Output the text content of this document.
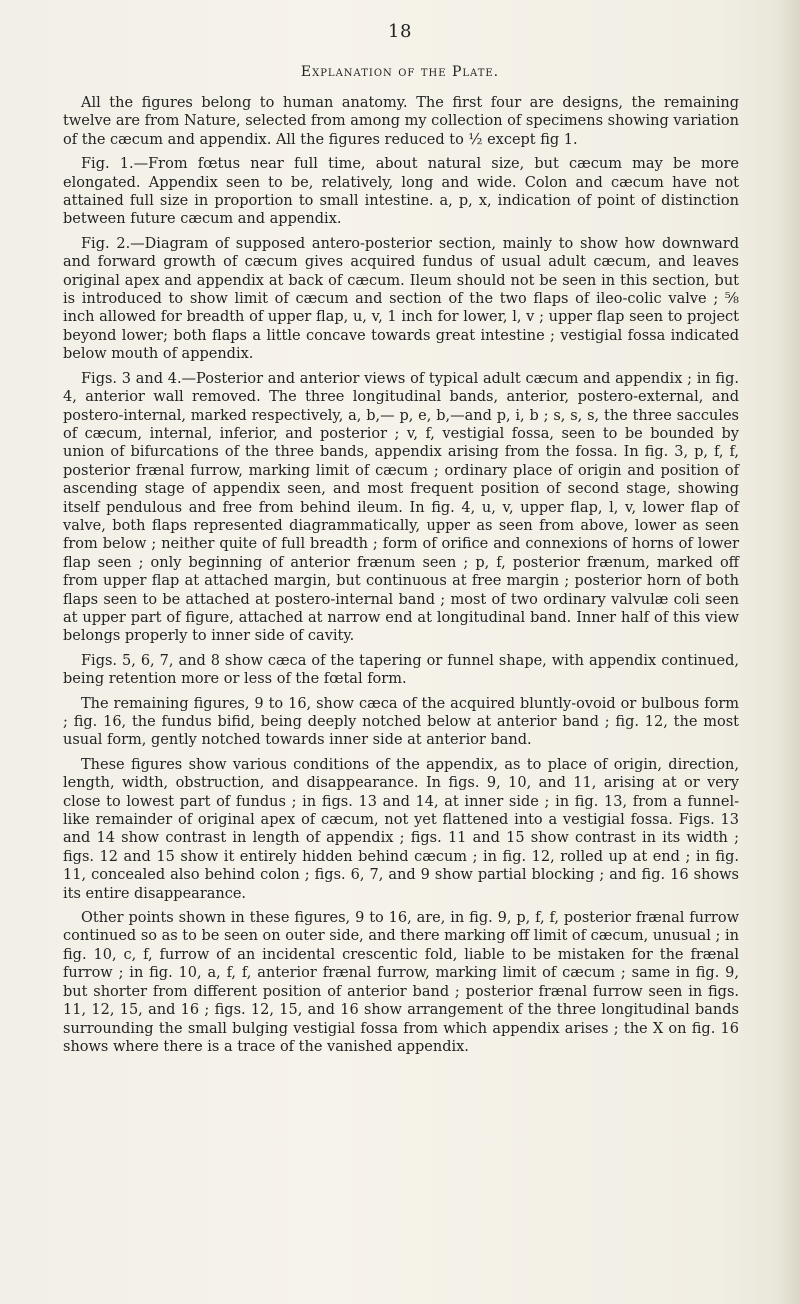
18
Explanation of the Plate.

All the figures belong to human anatomy. The first four are designs, the remaining twelve are from Nature, selected from among my collection of specimens showing variation of the cæcum and appendix. All the figures reduced to ½ except fig 1.

Fig. 1.—From fœtus near full time, about natural size, but cæcum may be more elongated. Appendix seen to be, relatively, long and wide. Colon and cæcum have not attained full size in proportion to small intestine. a, p, x, indication of point of distinction between future cæcum and appendix.

Fig. 2.—Diagram of supposed antero-posterior section, mainly to show how downward and forward growth of cæcum gives acquired fundus of usual adult cæcum, and leaves original apex and appendix at back of cæcum. Ileum should not be seen in this section, but is introduced to show limit of cæcum and section of the two flaps of ileo-colic valve ; ⅝ inch allowed for breadth of upper flap, u, v, 1 inch for lower, l, v ; upper flap seen to project beyond lower; both flaps a little concave towards great intestine ; vestigial fossa indicated below mouth of appendix.

Figs. 3 and 4.—Posterior and anterior views of typical adult cæcum and appendix ; in fig. 4, anterior wall removed. The three longitudinal bands, anterior, postero-external, and postero-internal, marked respectively, a, b,— p, e, b,—and p, i, b ; s, s, s, the three saccules of cæcum, internal, inferior, and posterior ; v, f, vestigial fossa, seen to be bounded by union of bifurcations of the three bands, appendix arising from the fossa. In fig. 3, p, f, f, posterior frænal furrow, marking limit of cæcum ; ordinary place of origin and position of ascending stage of appendix seen, and most frequent position of second stage, showing itself pendulous and free from behind ileum. In fig. 4, u, v, upper flap, l, v, lower flap of valve, both flaps represented diagrammatically, upper as seen from above, lower as seen from below ; neither quite of full breadth ; form of orifice and connexions of horns of lower flap seen ; only beginning of anterior frænum seen ; p, f, posterior frænum, marked off from upper flap at attached margin, but continuous at free margin ; posterior horn of both flaps seen to be attached at postero-internal band ; most of two ordinary valvulæ coli seen at upper part of figure, attached at narrow end at longitudinal band. Inner half of this view belongs properly to inner side of cavity.

Figs. 5, 6, 7, and 8 show cæca of the tapering or funnel shape, with appendix continued, being retention more or less of the fœtal form.

The remaining figures, 9 to 16, show cæca of the acquired bluntly-ovoid or bulbous form ; fig. 16, the fundus bifid, being deeply notched below at anterior band ; fig. 12, the most usual form, gently notched towards inner side at anterior band.

These figures show various conditions of the appendix, as to place of origin, direction, length, width, obstruction, and disappearance. In figs. 9, 10, and 11, arising at or very close to lowest part of fundus ; in figs. 13 and 14, at inner side ; in fig. 13, from a funnel-like remainder of original apex of cæcum, not yet flattened into a vestigial fossa. Figs. 13 and 14 show contrast in length of appendix ; figs. 11 and 15 show contrast in its width ; figs. 12 and 15 show it entirely hidden behind cæcum ; in fig. 12, rolled up at end ; in fig. 11, concealed also behind colon ; figs. 6, 7, and 9 show partial blocking ; and fig. 16 shows its entire disappearance.

Other points shown in these figures, 9 to 16, are, in fig. 9, p, f, f, posterior frænal furrow continued so as to be seen on outer side, and there marking off limit of cæcum, unusual ; in fig. 10, c, f, furrow of an incidental crescentic fold, liable to be mistaken for the frænal furrow ; in fig. 10, a, f, f, anterior frænal furrow, marking limit of cæcum ; same in fig. 9, but shorter from different position of anterior band ; posterior frænal furrow seen in figs. 11, 12, 15, and 16 ; figs. 12, 15, and 16 show arrangement of the three longitudinal bands surrounding the small bulging vestigial fossa from which appendix arises ; the X on fig. 16 shows where there is a trace of the vanished appendix.
